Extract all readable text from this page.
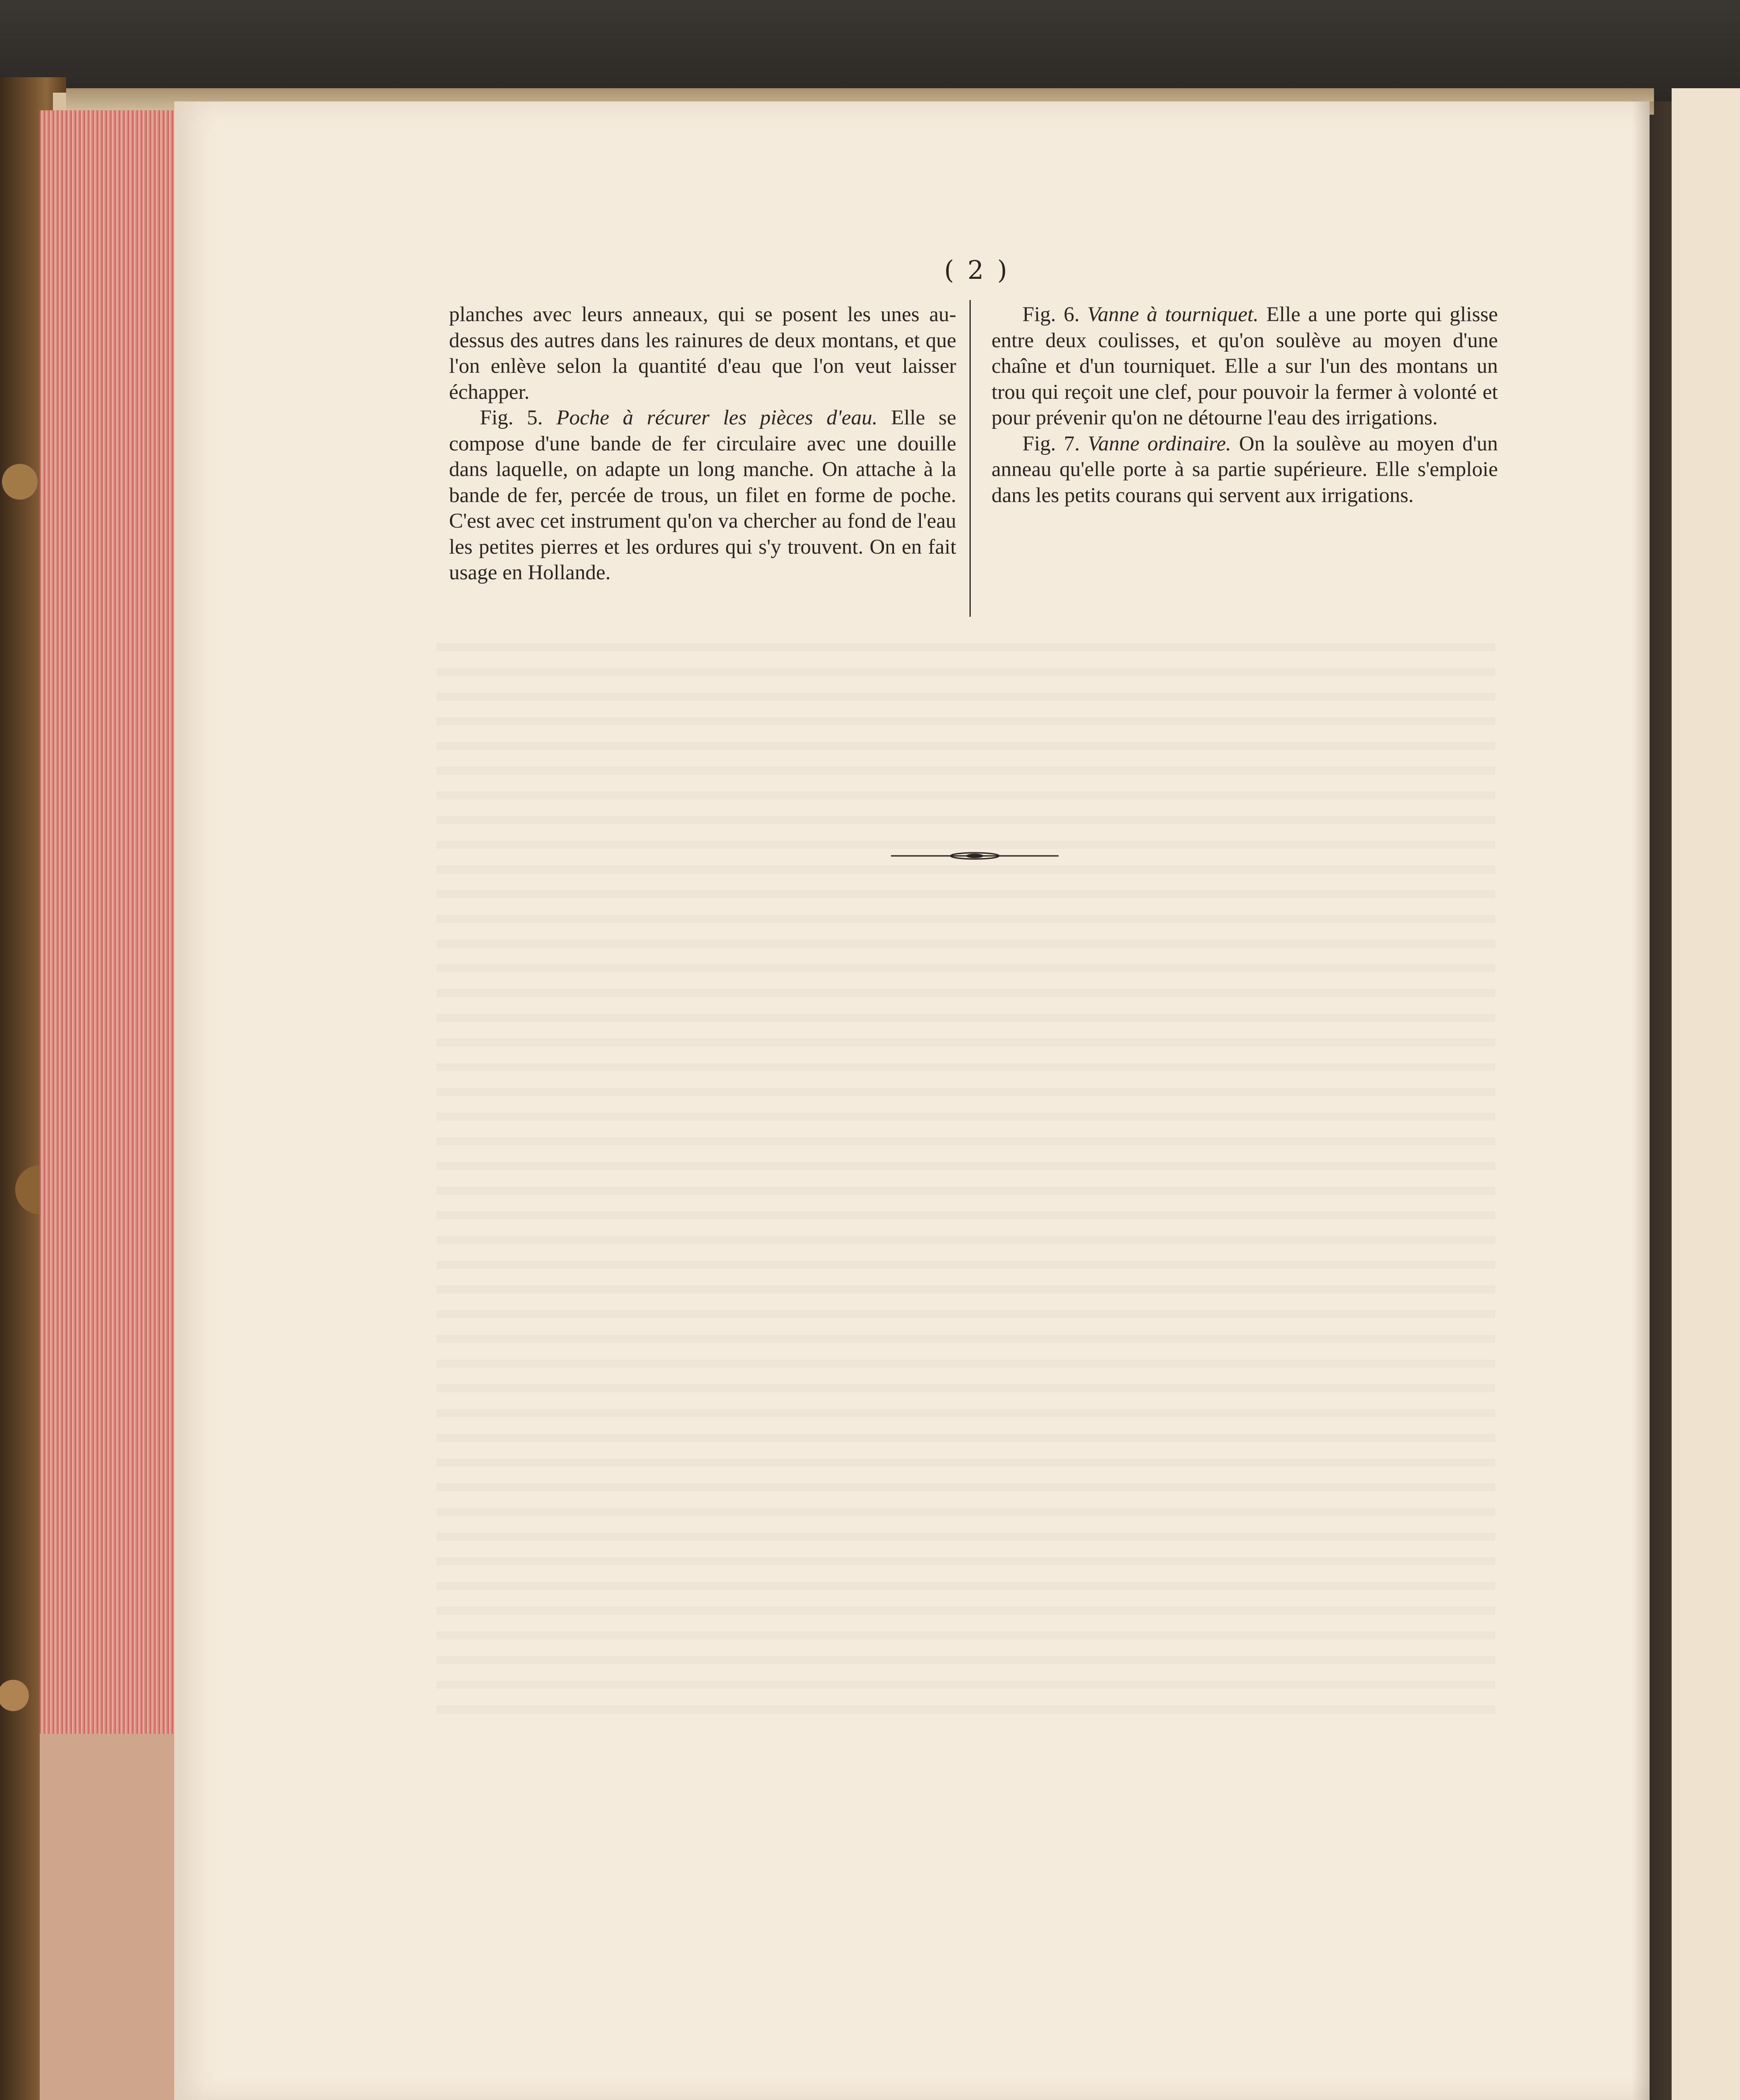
( 2 )

planches avec leurs anneaux, qui se posent les unes au-dessus des autres dans les rainures de deux montans, et que l'on enlève selon la quantité d'eau que l'on veut laisser échapper.

Fig. 5. Poche à récurer les pièces d'eau. Elle se compose d'une bande de fer circulaire avec une douille dans laquelle, on adapte un long manche. On attache à la bande de fer, percée de trous, un filet en forme de poche. C'est avec cet instrument qu'on va chercher au fond de l'eau les petites pierres et les ordures qui s'y trouvent. On en fait usage en Hollande.

Fig. 6. Vanne à tourniquet. Elle a une porte qui glisse entre deux coulisses, et qu'on soulève au moyen d'une chaîne et d'un tourniquet. Elle a sur l'un des montans un trou qui reçoit une clef, pour pouvoir la fermer à volonté et pour prévenir qu'on ne détourne l'eau des irrigations.

Fig. 7. Vanne ordinaire. On la soulève au moyen d'un anneau qu'elle porte à sa partie supérieure. Elle s'emploie dans les petits courans qui servent aux irrigations.
